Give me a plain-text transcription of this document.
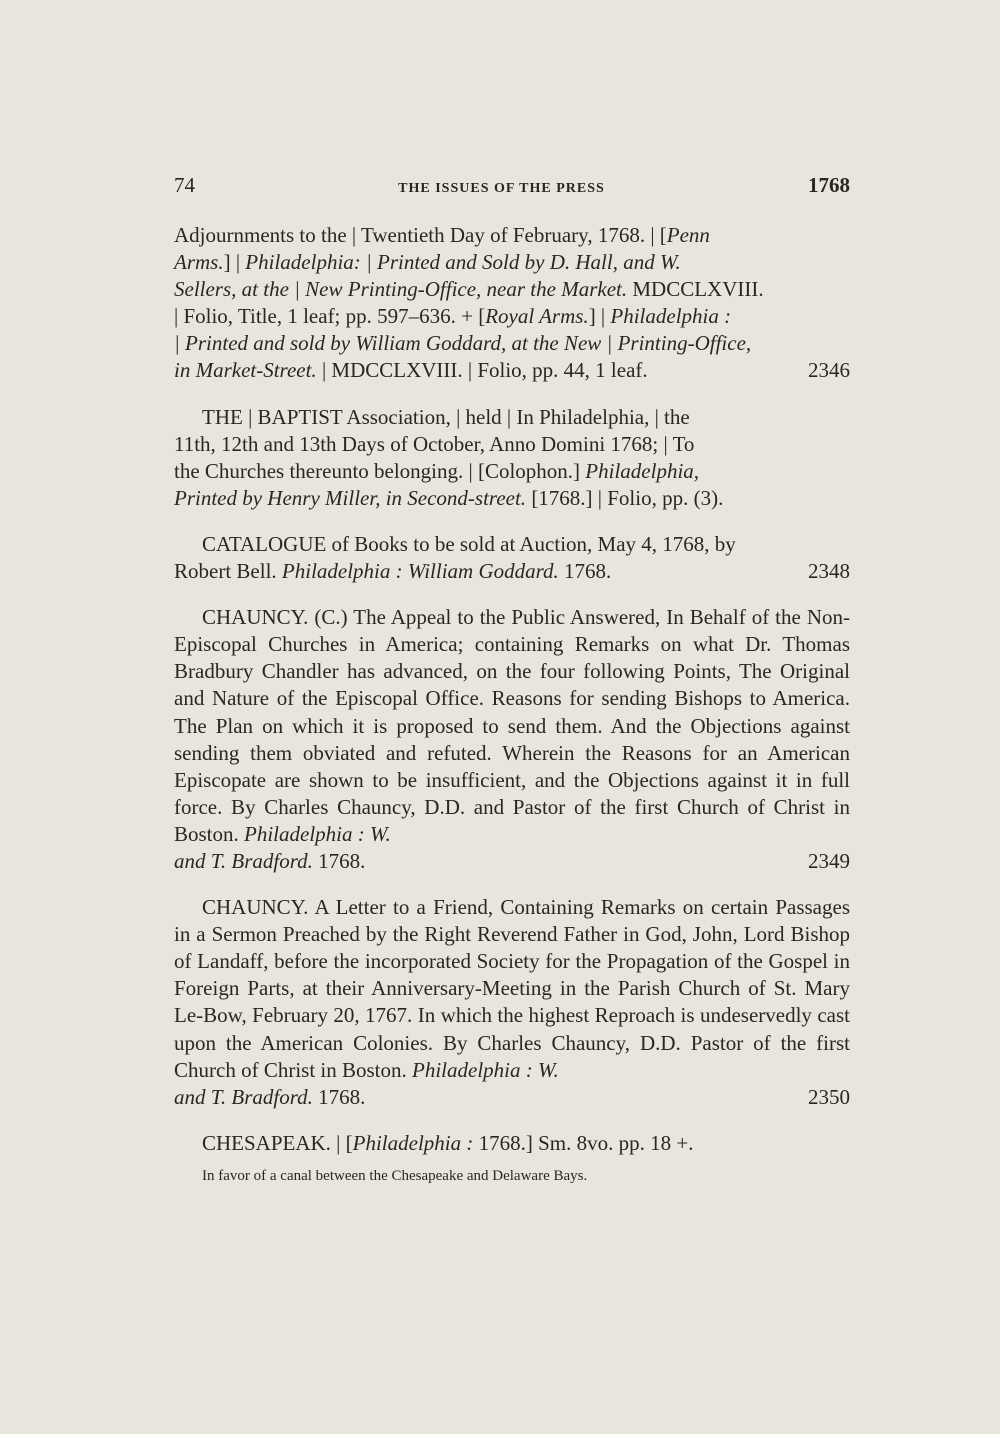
74	THE ISSUES OF THE PRESS	1768
Adjournments to the | Twentieth Day of February, 1768. | [Penn
Arms.] | Philadelphia: | Printed and Sold by D. Hall, and W.
Sellers, at the | New Printing-Office, near the Market. MDCCLXVIII.
| Folio, Title, 1 leaf; pp. 597–636. + [Royal Arms.] | Philadelphia :
| Printed and sold by William Goddard, at the New | Printing-Office,
in Market-Street. | MDCCLXVIII. | Folio, pp. 44, 1 leaf.	2346
THE | BAPTIST Association, | held | In Philadelphia, | the
11th, 12th and 13th Days of October, Anno Domini 1768; | To
the Churches thereunto belonging. | [Colophon.] Philadelphia,
Printed by Henry Miller, in Second-street. [1768.] | Folio, pp. (3).
CATALOGUE of Books to be sold at Auction, May 4, 1768, by
Robert Bell. Philadelphia : William Goddard. 1768.	2348
CHAUNCY. (C.) The Appeal to the Public Answered, In Behalf of the Non-Episcopal Churches in America; containing Remarks on what Dr. Thomas Bradbury Chandler has advanced, on the four following Points, The Original and Nature of the Episcopal Office. Reasons for sending Bishops to America. The Plan on which it is proposed to send them. And the Objections against sending them obviated and refuted. Wherein the Reasons for an American Episcopate are shown to be insufficient, and the Objections against it in full force. By Charles Chauncy, D.D. and Pastor of the first Church of Christ in Boston. Philadelphia : W.
and T. Bradford. 1768.	2349
CHAUNCY. A Letter to a Friend, Containing Remarks on certain Passages in a Sermon Preached by the Right Reverend Father in God, John, Lord Bishop of Landaff, before the incorporated Society for the Propagation of the Gospel in Foreign Parts, at their Anniversary-Meeting in the Parish Church of St. Mary Le-Bow, February 20, 1767. In which the highest Reproach is undeservedly cast upon the American Colonies. By Charles Chauncy, D.D. Pastor of the first Church of Christ in Boston. Philadelphia : W.
and T. Bradford. 1768.	2350
CHESAPEAK. | [Philadelphia : 1768.] Sm. 8vo. pp. 18 +.
In favor of a canal between the Chesapeake and Delaware Bays.
